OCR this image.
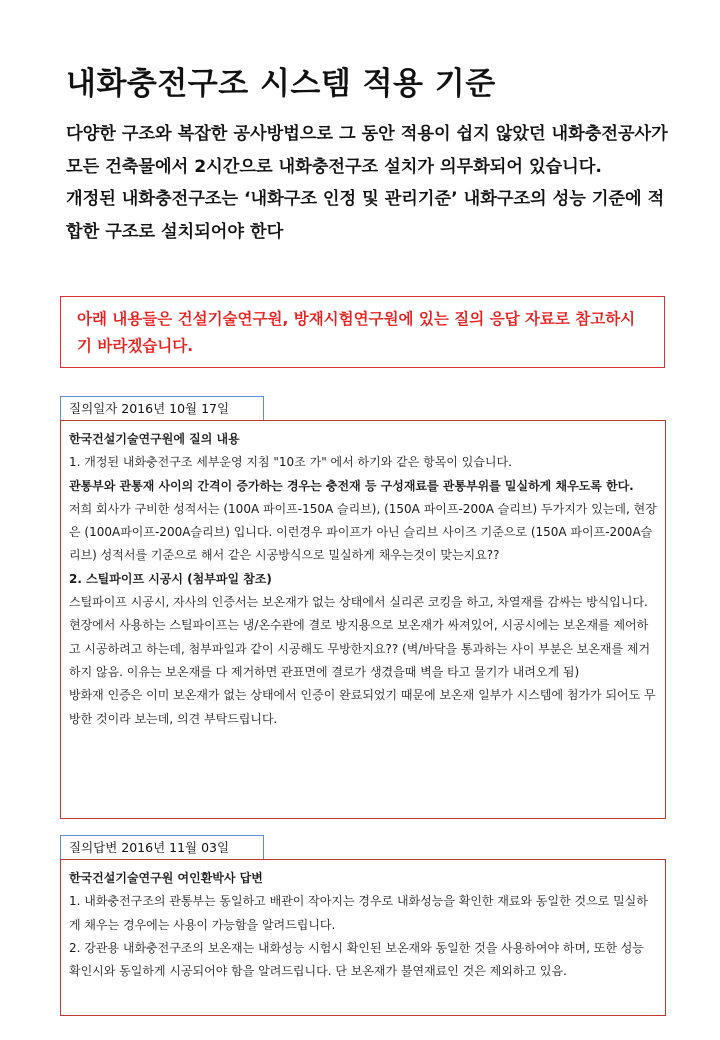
내화충전구조 시스템 적용 기준

다양한 구조와 복잡한 공사방법으로 그 동안 적용이 쉽지 않았던 내화충전공사가 모든 건축물에서 2시간으로 내화충전구조 설치가 의무화되어 있습니다.

개정된 내화충전구조는 ‘내화구조 인정 및 관리기준’ 내화구조의 성능 기준에 적합한 구조로 설치되어야 한다

아래 내용들은 건설기술연구원, 방재시험연구원에 있는 질의 응답 자료로 참고하시기 바라겠습니다.
질의일자 2016년 10월 17일

한국건설기술연구원에 질의 내용

1. 개정된 내화충전구조 세부운영 지침 "10조 가" 에서 하기와 같은 항목이 있습니다.

관통부와 관통재 사이의 간격이 증가하는 경우는 충전재 등 구성재료를 관통부위를 밀실하게 채우도록 한다.

저희 회사가 구비한 성적서는 (100A 파이프-150A 슬리브), (150A 파이프-200A 슬리브) 두가지가 있는데, 현장은 (100A파이프-200A슬리브) 입니다. 이런경우 파이프가 아닌 슬리브 사이즈 기준으로 (150A 파이프-200A슬리브) 성적서를 기준으로 해서 같은 시공방식으로 밀실하게 채우는것이 맞는지요??

2. 스틸파이프 시공시 (첨부파일 참조)

스틸파이프 시공시, 자사의 인증서는 보온재가 없는 상태에서 실리콘 코킹을 하고, 차열재를 감싸는 방식입니다.

현장에서 사용하는 스틸파이프는 냉/온수관에 결로 방지용으로 보온재가 싸져있어, 시공시에는 보온재를 제어하고 시공하려고 하는데, 첨부파일과 같이 시공해도 무방한지요?? (벽/바닥을 통과하는 사이 부분은 보온재를 제거하지 않음. 이유는 보온재를 다 제거하면 관표면에 결로가 생겼을때 벽을 타고 물기가 내려오게 됨)

방화재 인증은 이미 보온재가 없는 상태에서 인증이 완료되었기 때문에 보온재 일부가 시스템에 첨가가 되어도 무방한 것이라 보는데, 의견 부탁드립니다.

질의답변 2016년 11월 03일

한국건설기술연구원 여인환박사 답변

1. 내화충전구조의 관통부는 동일하고 배관이 작아지는 경우로 내화성능을 확인한 재료와 동일한 것으로 밀실하게 채우는 경우에는 사용이 가능함을 알려드립니다.

2. 강관용 내화충전구조의 보온재는 내화성능 시험시 확인된 보온재와 동일한 것을 사용하여야 하며, 또한 성능 확인시와 동일하게 시공되어야 함을 알려드립니다. 단 보온재가 불연재료인 것은 제외하고 있음.
